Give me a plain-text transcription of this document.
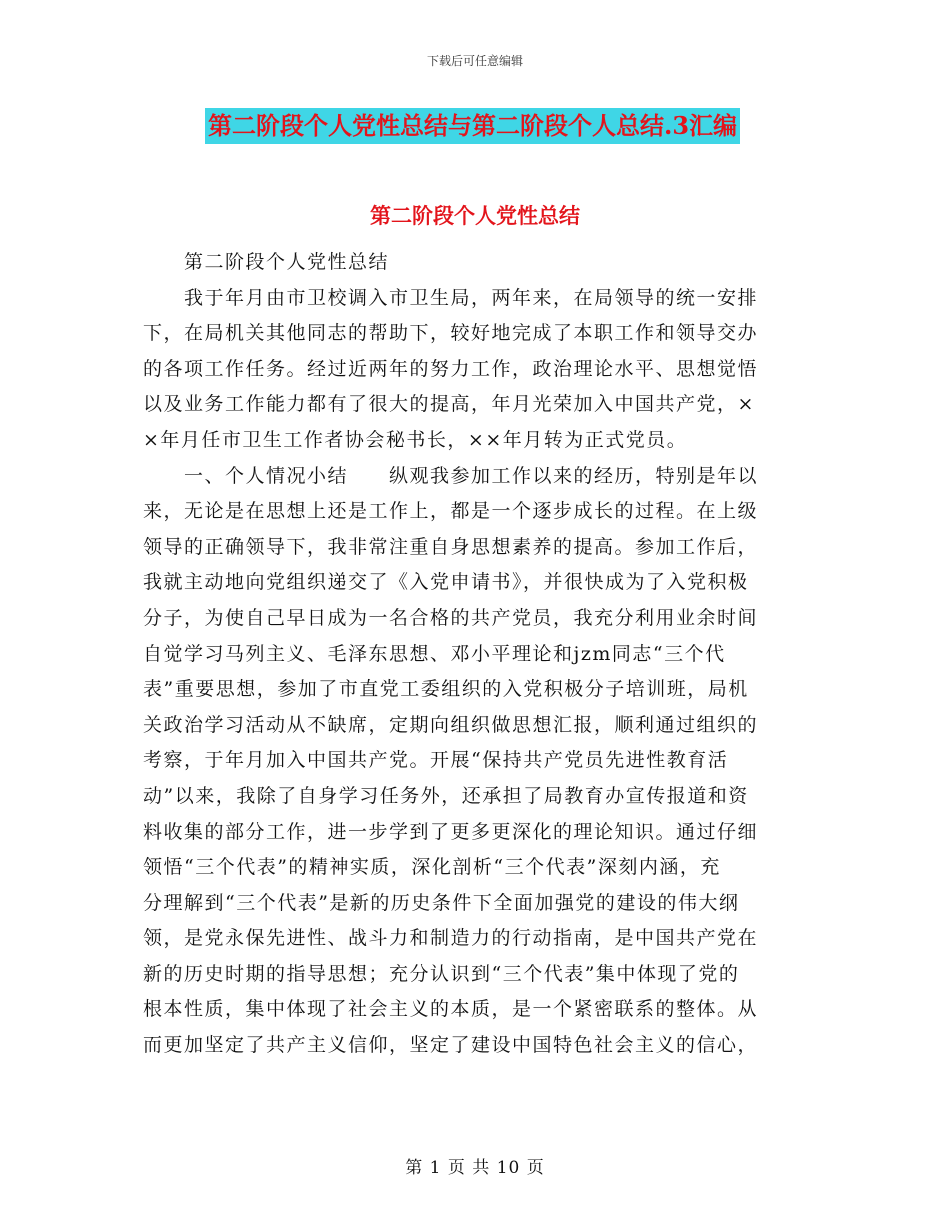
下载后可任意编辑
第二阶段个人党性总结与第二阶段个人总结.3汇编
第二阶段个人党性总结

第二阶段个人党性总结

我于年月由市卫校调入市卫生局，两年来，在局领导的统一安排

下，在局机关其他同志的帮助下，较好地完成了本职工作和领导交办

的各项工作任务。经过近两年的努力工作，政治理论水平、思想觉悟

以及业务工作能力都有了很大的提高，年月光荣加入中国共产党，×

×年月任市卫生工作者协会秘书长，××年月转为正式党员。

一、个人情况小结　　纵观我参加工作以来的经历，特别是年以

来，无论是在思想上还是工作上，都是一个逐步成长的过程。在上级

领导的正确领导下，我非常注重自身思想素养的提高。参加工作后，

我就主动地向党组织递交了《入党申请书》，并很快成为了入党积极

分子，为使自己早日成为一名合格的共产党员，我充分利用业余时间

自觉学习马列主义、毛泽东思想、邓小平理论和jzm同志“三个代

表”重要思想，参加了市直党工委组织的入党积极分子培训班，局机

关政治学习活动从不缺席，定期向组织做思想汇报，顺利通过组织的

考察，于年月加入中国共产党。开展“保持共产党员先进性教育活

动”以来，我除了自身学习任务外，还承担了局教育办宣传报道和资

料收集的部分工作，进一步学到了更多更深化的理论知识。通过仔细

领悟“三个代表”的精神实质，深化剖析“三个代表”深刻内涵，充

分理解到“三个代表”是新的历史条件下全面加强党的建设的伟大纲

领，是党永保先进性、战斗力和制造力的行动指南，是中国共产党在

新的历史时期的指导思想；充分认识到“三个代表”集中体现了党的

根本性质，集中体现了社会主义的本质，是一个紧密联系的整体。从

而更加坚定了共产主义信仰，坚定了建设中国特色社会主义的信心，

第 1 页 共 10 页
